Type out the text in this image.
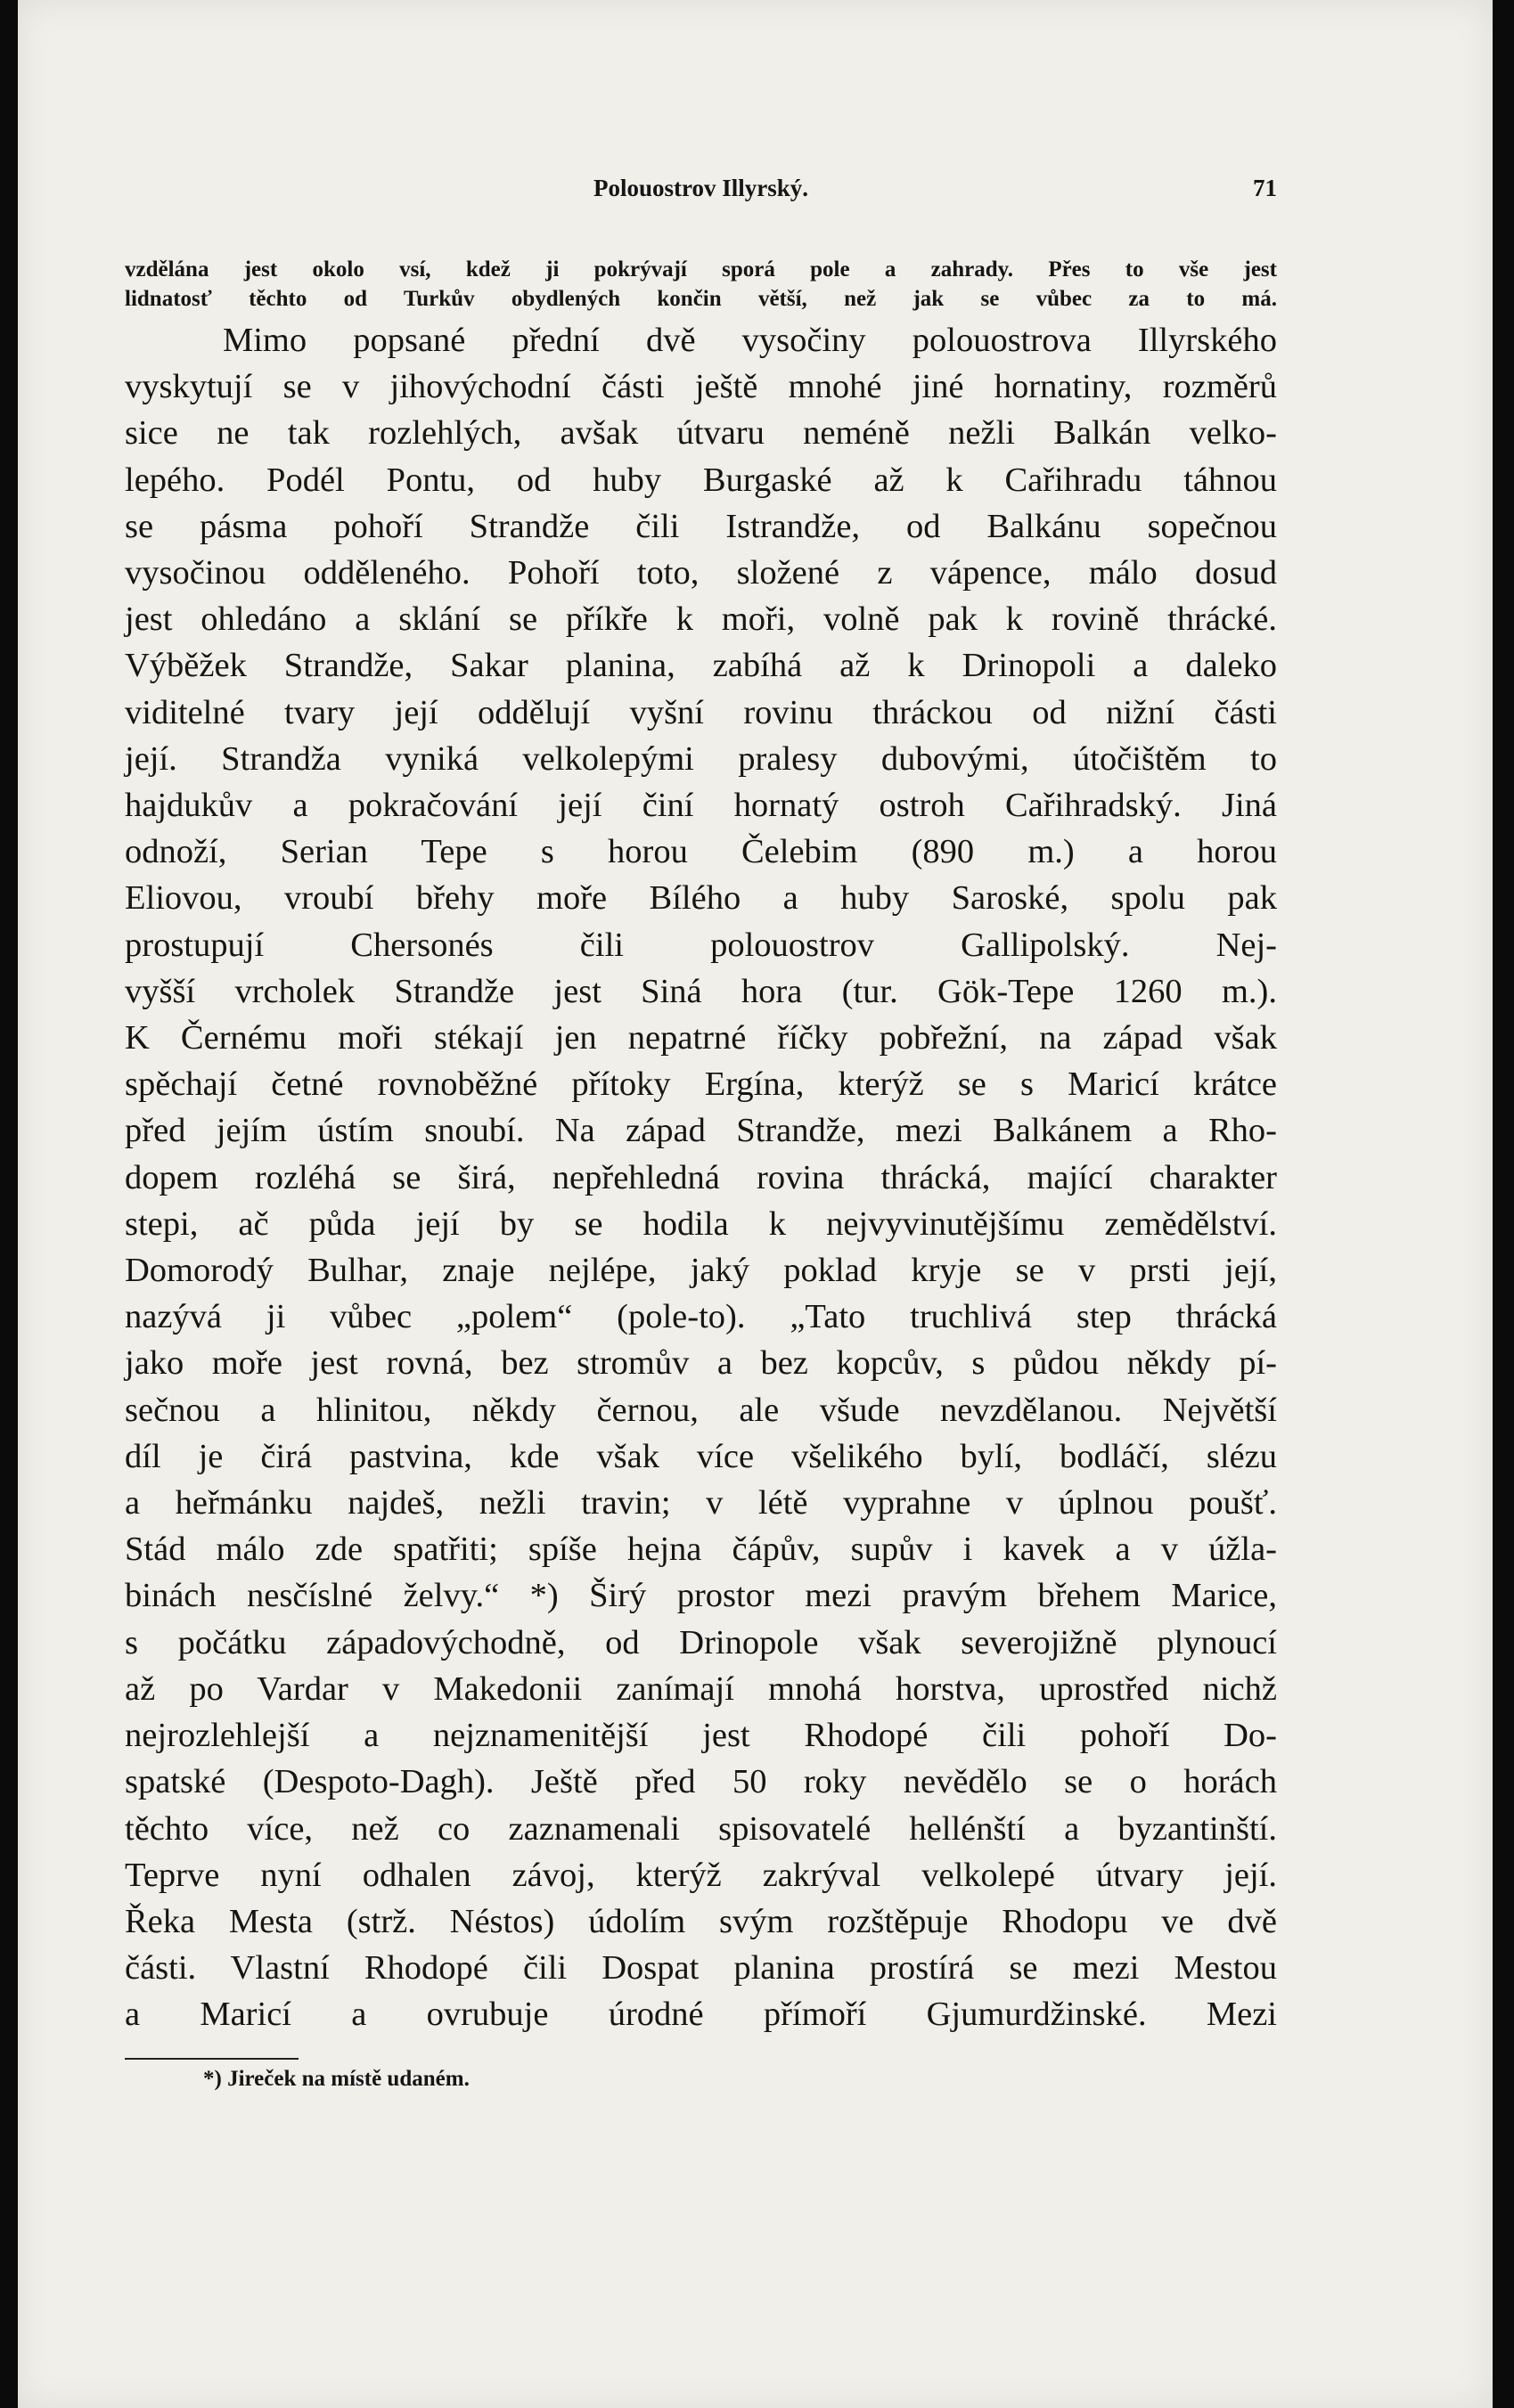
Polouostrov Illyrský.	71
vzdělána jest okolo vsí, kdež ji pokrývají sporá pole a zahrady. Přes to vše jest
lidnatosť těchto od Turkův obydlených končin větší, než jak se vůbec za to má.
Mimo popsané přední dvě vysočiny polouostrova Illyrského
vyskytují se v jihovýchodní části ještě mnohé jiné hornatiny, rozměrů
sice ne tak rozlehlých, avšak útvaru neméně nežli Balkán velko-
lepého. Podél Pontu, od huby Burgaské až k Cařihradu táhnou
se pásma pohoří Strandže čili Istrandže, od Balkánu sopečnou
vysočinou odděleného. Pohoří toto, složené z vápence, málo dosud
jest ohledáno a sklání se příkře k moři, volně pak k rovině thrácké.
Výběžek Strandže, Sakar planina, zabíhá až k Drinopoli a daleko
viditelné tvary její oddělují vyšní rovinu thráckou od nižní části
její. Strandža vyniká velkolepými pralesy dubovými, útočištěm to
hajdukův a pokračování její činí hornatý ostroh Cařihradský. Jiná
odnoží, Serian Tepe s horou Čelebim (890 m.) a horou
Eliovou, vroubí břehy moře Bílého a huby Saroské, spolu pak
prostupují Chersonés čili polouostrov Gallipolský. Nej-
vyšší vrcholek Strandže jest Siná hora (tur. Gök-Tepe 1260 m.).
K Černému moři stékají jen nepatrné říčky pobřežní, na západ však
spěchají četné rovnoběžné přítoky Ergína, kterýž se s Maricí krátce
před jejím ústím snoubí. Na západ Strandže, mezi Balkánem a Rho-
dopem rozléhá se širá, nepřehledná rovina thrácká, mající charakter
stepi, ač půda její by se hodila k nejvyvinutějšímu zemědělství.
Domorodý Bulhar, znaje nejlépe, jaký poklad kryje se v prsti její,
nazývá ji vůbec „polem“ (pole-to). „Tato truchlivá step thrácká
jako moře jest rovná, bez stromův a bez kopcův, s půdou někdy pí-
sečnou a hlinitou, někdy černou, ale všude nevzdělanou. Největší
díl je čirá pastvina, kde však více všelikého bylí, bodláčí, slézu
a heřmánku najdeš, nežli travin; v létě vyprahne v úplnou poušť.
Stád málo zde spatřiti; spíše hejna čápův, supův i kavek a v úžla-
binách nesčíslné želvy.“ *) Širý prostor mezi pravým břehem Marice,
s počátku západovýchodně, od Drinopole však severojižně plynoucí
až po Vardar v Makedonii zanímají mnohá horstva, uprostřed nichž
nejrozlehlejší a nejznamenitější jest Rhodopé čili pohoří Do-
spatské (Despoto-Dagh). Ještě před 50 roky nevědělo se o horách
těchto více, než co zaznamenali spisovatelé hellénští a byzantinští.
Teprve nyní odhalen závoj, kterýž zakrýval velkolepé útvary její.
Řeka Mesta (strž. Néstos) údolím svým rozštěpuje Rhodopu ve dvě
části. Vlastní Rhodopé čili Dospat planina prostírá se mezi Mestou
a Maricí a ovrubuje úrodné přímoří Gjumurdžinské. Mezi
*) Jireček na místě udaném.
